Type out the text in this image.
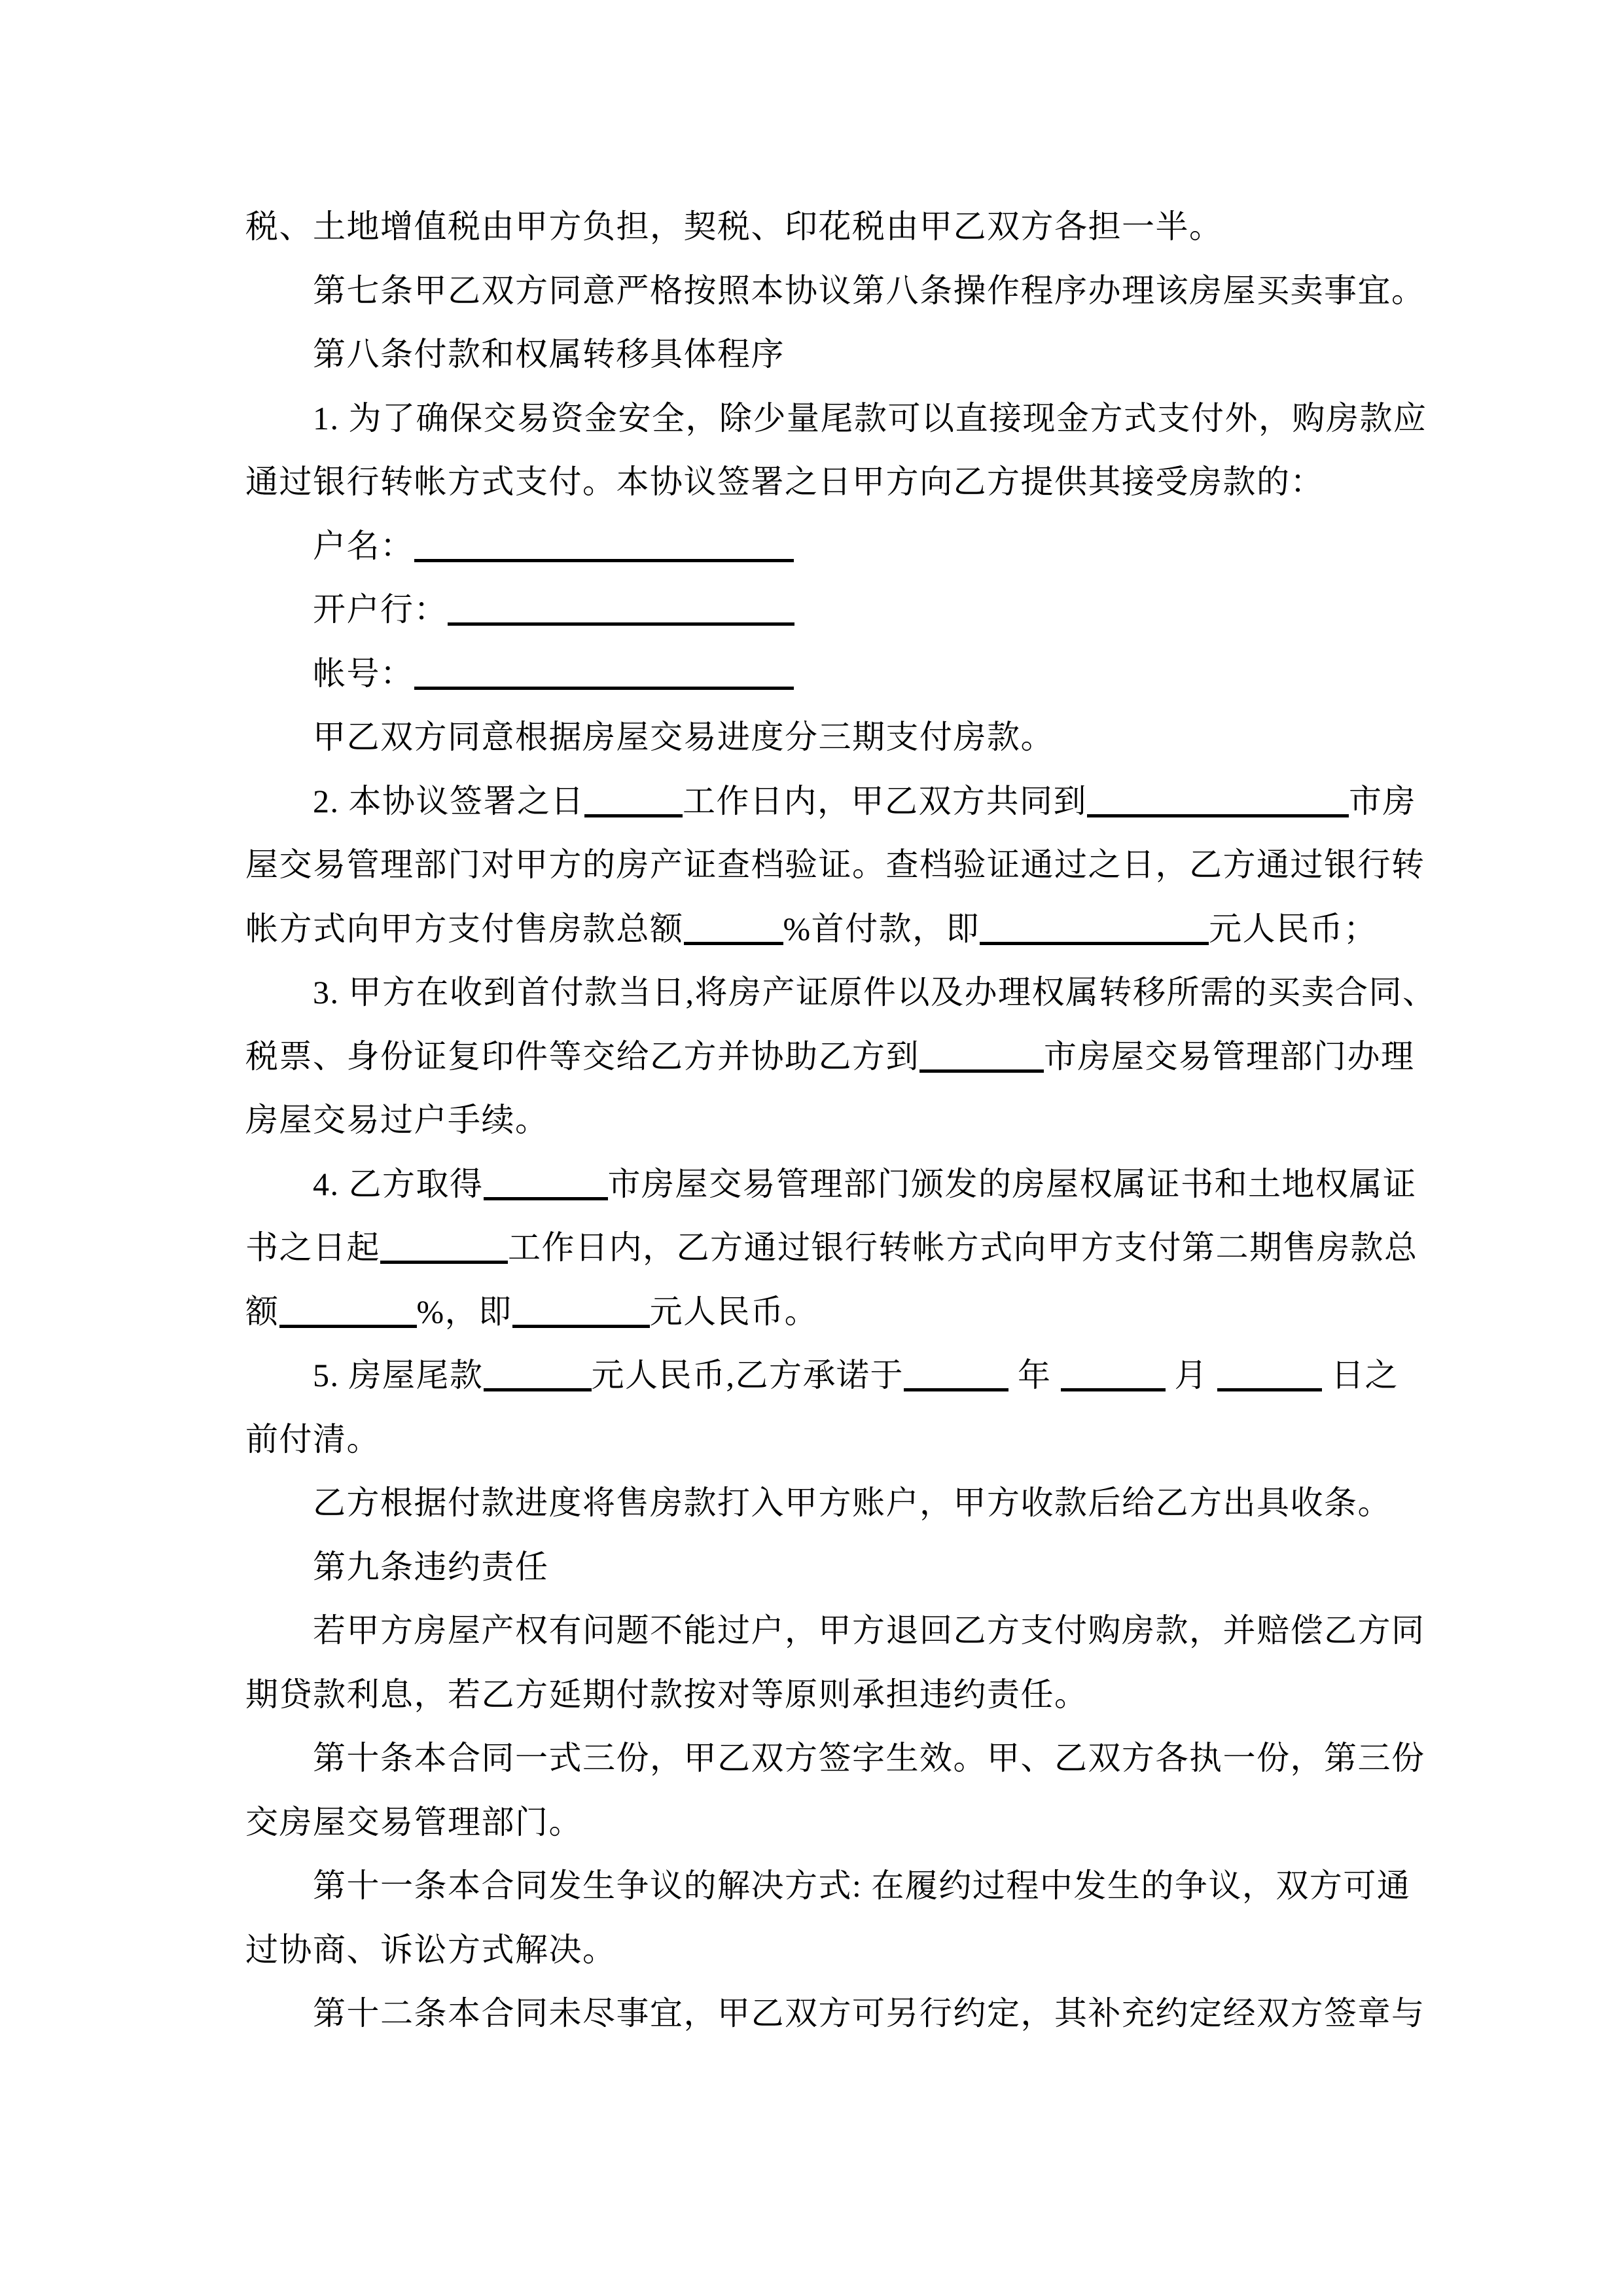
税、土地增值税由甲方负担，契税、印花税由甲乙双方各担一半。
第七条甲乙双方同意严格按照本协议第八条操作程序办理该房屋买卖事宜。
第八条付款和权属转移具体程序
1. 为了确保交易资金安全，除少量尾款可以直接现金方式支付外，购房款应
通过银行转帐方式支付。本协议签署之日甲方向乙方提供其接受房款的：
户名：
开户行：
帐号：
甲乙双方同意根据房屋交易进度分三期支付房款。
2. 本协议签署之日	工作日内，甲乙双方共同到	市房
屋交易管理部门对甲方的房产证查档验证。查档验证通过之日，乙方通过银行转
帐方式向甲方支付售房款总额	%首付款，即	元人民币；
3. 甲方在收到首付款当日,将房产证原件以及办理权属转移所需的买卖合同、
税票、身份证复印件等交给乙方并协助乙方到	市房屋交易管理部门办理
房屋交易过户手续。
4. 乙方取得	市房屋交易管理部门颁发的房屋权属证书和土地权属证
书之日起	工作日内，乙方通过银行转帐方式向甲方支付第二期售房款总
额	%，即	元人民币。
5. 房屋尾款	元人民币,乙方承诺于	年	月	日之
前付清。
乙方根据付款进度将售房款打入甲方账户，甲方收款后给乙方出具收条。
第九条违约责任
若甲方房屋产权有问题不能过户，甲方退回乙方支付购房款，并赔偿乙方同
期贷款利息，若乙方延期付款按对等原则承担违约责任。
第十条本合同一式三份，甲乙双方签字生效。甲、乙双方各执一份，第三份
交房屋交易管理部门。
第十一条本合同发生争议的解决方式: 在履约过程中发生的争议，双方可通
过协商、诉讼方式解决。
第十二条本合同未尽事宜，甲乙双方可另行约定，其补充约定经双方签章与
